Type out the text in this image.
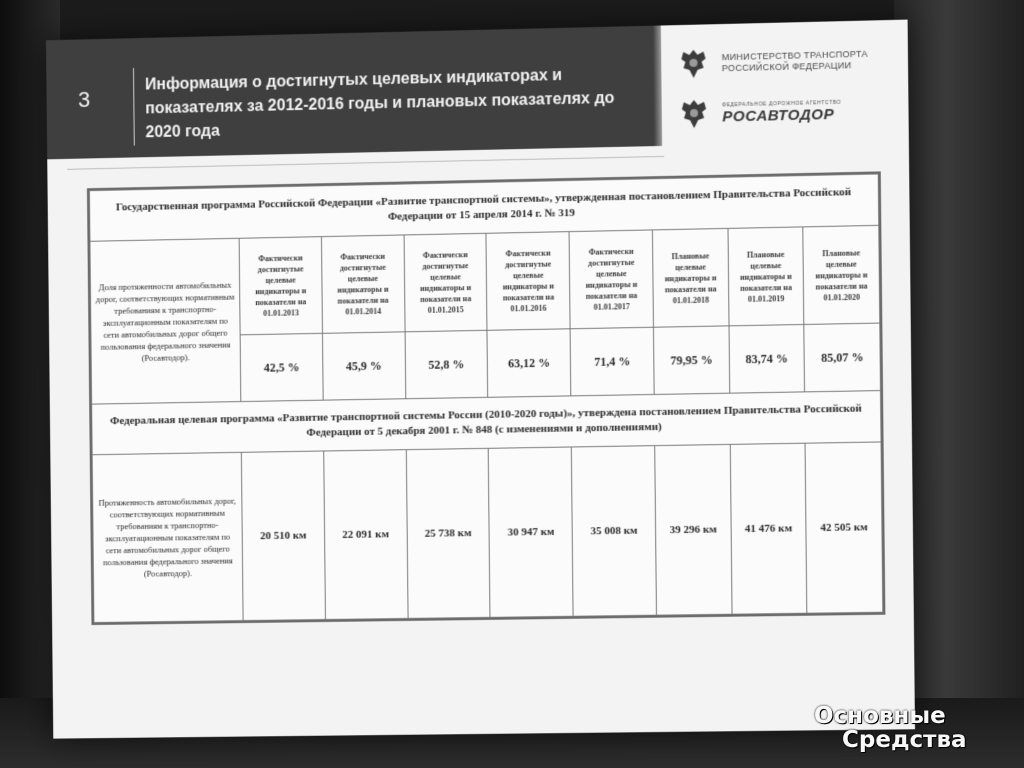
3
Информация о достигнутых целевых индикаторах и показателях за 2012-2016 годы и плановых показателях до 2020 года
МИНИСТЕРСТВО ТРАНСПОРТА
РОССИЙСКОЙ ФЕДЕРАЦИИ
ФЕДЕРАЛЬНОЕ ДОРОЖНОЕ АГЕНТСТВО
РОСАВТОДОР
Государственная программа Российской Федерации «Развитие транспортной системы», утвержденная постановлением Правительства Российской Федерации от 15 апреля 2014 г. № 319								
Доля протяженности автомобильных дорог, соответствующих нормативным требованиям к транспортно-эксплуатационным показателям по сети автомобильных дорог общего пользования федерального значения (Росавтодор).	Фактически достигнутые целевые индикаторы и показатели на 01.01.2013	Фактически достигнутые целевые индикаторы и показатели на 01.01.2014	Фактически достигнутые целевые индикаторы и показатели на 01.01.2015	Фактически достигнутые целевые индикаторы и показатели на 01.01.2016	Фактически достигнутые целевые индикаторы и показатели на 01.01.2017	Плановые целевые индикаторы и показатели на 01.01.2018	Плановые целевые индикаторы и показатели на 01.01.2019	Плановые целевые индикаторы и показатели на 01.01.2020
	42,5 %	45,9 %	52,8 %	63,12 %	71,4 %	79,95 %	83,74 %	85,07 %
Федеральная целевая программа «Развитие транспортной системы России (2010-2020 годы)», утверждена постановлением Правительства Российской Федерации от 5 декабря 2001 г. № 848 (с изменениями и дополнениями)								
Протяженность автомобильных дорог, соответствующих нормативным требованиям к транспортно-эксплуатационным показателям по сети автомобильных дорог общего пользования федерального значения (Росавтодор).	20 510 км	22 091 км	25 738 км	30 947 км	35 008 км	39 296 км	41 476 км	42 505 км
Основные
Средства
